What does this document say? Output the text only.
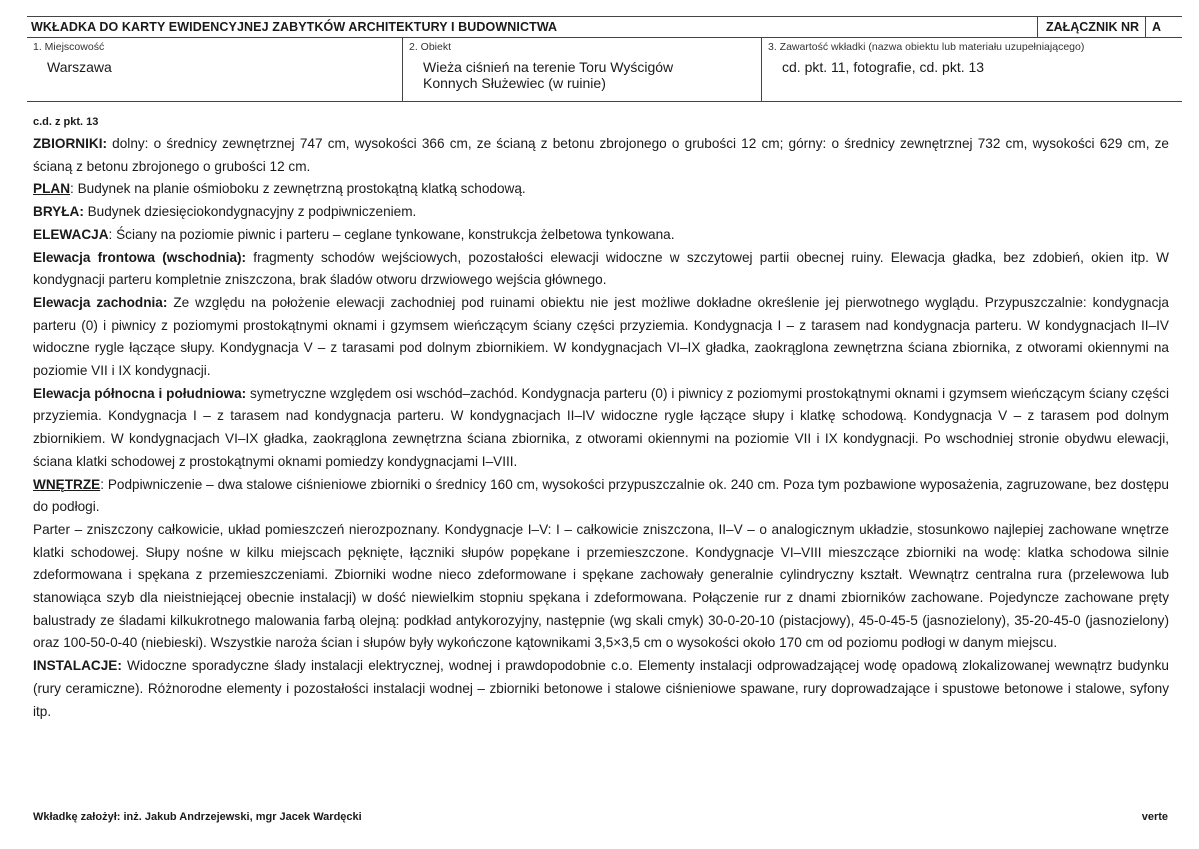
WKŁADKA DO KARTY EWIDENCYJNEJ ZABYTKÓW ARCHITEKTURY I BUDOWNICTWA	ZAŁĄCZNIK NR	A
1. Miejscowość
Warszawa
2. Obiekt
Wieża ciśnień na terenie Toru Wyścigów Konnych Służewiec (w ruinie)
3. Zawartość wkładki (nazwa obiektu lub materiału uzupełniającego)
cd. pkt. 11, fotografie, cd. pkt. 13

c.d. z pkt. 13

ZBIORNIKI: dolny: o średnicy zewnętrznej 747 cm, wysokości 366 cm, ze ścianą z betonu zbrojonego o grubości 12 cm; górny: o średnicy zewnętrznej 732 cm, wysokości 629 cm, ze ścianą z betonu zbrojonego o grubości 12 cm.

PLAN: Budynek na planie ośmioboku z zewnętrzną prostokątną klatką schodową.

BRYŁA: Budynek dziesięciokondygnacyjny z podpiwniczeniem.

ELEWACJA: Ściany na poziomie piwnic i parteru – ceglane tynkowane, konstrukcja żelbetowa tynkowana.

Elewacja frontowa (wschodnia): fragmenty schodów wejściowych, pozostałości elewacji widoczne w szczytowej partii obecnej ruiny. Elewacja gładka, bez zdobień, okien itp. W kondygnacji parteru kompletnie zniszczona, brak śladów otworu drzwiowego wejścia głównego.

Elewacja zachodnia: Ze względu na położenie elewacji zachodniej pod ruinami obiektu nie jest możliwe dokładne określenie jej pierwotnego wyglądu. Przypuszczalnie: kondygnacja parteru (0) i piwnicy z poziomymi prostokątnymi oknami i gzymsem wieńczącym ściany części przyziemia. Kondygnacja I – z tarasem nad kondygnacja parteru. W kondygnacjach II–IV widoczne rygle łączące słupy. Kondygnacja V – z tarasami pod dolnym zbiornikiem. W kondygnacjach VI–IX gładka, zaokrąglona zewnętrzna ściana zbiornika, z otworami okiennymi na poziomie VII i IX kondygnacji.

Elewacja północna i południowa: symetryczne względem osi wschód–zachód. Kondygnacja parteru (0) i piwnicy z poziomymi prostokątnymi oknami i gzymsem wieńczącym ściany części przyziemia. Kondygnacja I – z tarasem nad kondygnacja parteru. W kondygnacjach II–IV widoczne rygle łączące słupy i klatkę schodową. Kondygnacja V – z tarasem pod dolnym zbiornikiem. W kondygnacjach VI–IX gładka, zaokrąglona zewnętrzna ściana zbiornika, z otworami okiennymi na poziomie VII i IX kondygnacji. Po wschodniej stronie obydwu elewacji, ściana klatki schodowej z prostokątnymi oknami pomiedzy kondygnacjami I–VIII.

WNĘTRZE: Podpiwniczenie – dwa stalowe ciśnieniowe zbiorniki o średnicy 160 cm, wysokości przypuszczalnie ok. 240 cm. Poza tym pozbawione wyposażenia, zagruzowane, bez dostępu do podłogi.

Parter – zniszczony całkowicie, układ pomieszczeń nierozpoznany. Kondygnacje I–V: I – całkowicie zniszczona, II–V – o analogicznym układzie, stosunkowo najlepiej zachowane wnętrze klatki schodowej. Słupy nośne w kilku miejscach pęknięte, łączniki słupów popękane i przemieszczone. Kondygnacje VI–VIII mieszczące zbiorniki na wodę: klatka schodowa silnie zdeformowana i spękana z przemieszczeniami. Zbiorniki wodne nieco zdeformowane i spękane zachowały generalnie cylindryczny kształt. Wewnątrz centralna rura (przelewowa lub stanowiąca szyb dla nieistniejącej obecnie instalacji) w dość niewielkim stopniu spękana i zdeformowana. Połączenie rur z dnami zbiorników zachowane. Pojedyncze zachowane pręty balustrady ze śladami kilkukrotnego malowania farbą olejną: podkład antykorozyjny, następnie (wg skali cmyk) 30-0-20-10 (pistacjowy), 45-0-45-5 (jasnozielony), 35-20-45-0 (jasnozielony) oraz 100-50-0-40 (niebieski). Wszystkie naroża ścian i słupów były wykończone kątownikami 3,5×3,5 cm o wysokości około 170 cm od poziomu podłogi w danym miejscu.

INSTALACJE: Widoczne sporadyczne ślady instalacji elektrycznej, wodnej i prawdopodobnie c.o. Elementy instalacji odprowadzającej wodę opadową zlokalizowanej wewnątrz budynku (rury ceramiczne). Różnorodne elementy i pozostałości instalacji wodnej – zbiorniki betonowe i stalowe ciśnieniowe spawane, rury doprowadzające i spustowe betonowe i stalowe, syfony itp.

Wkładkę założył: inż. Jakub Andrzejewski, mgr Jacek Wardęcki	verte
